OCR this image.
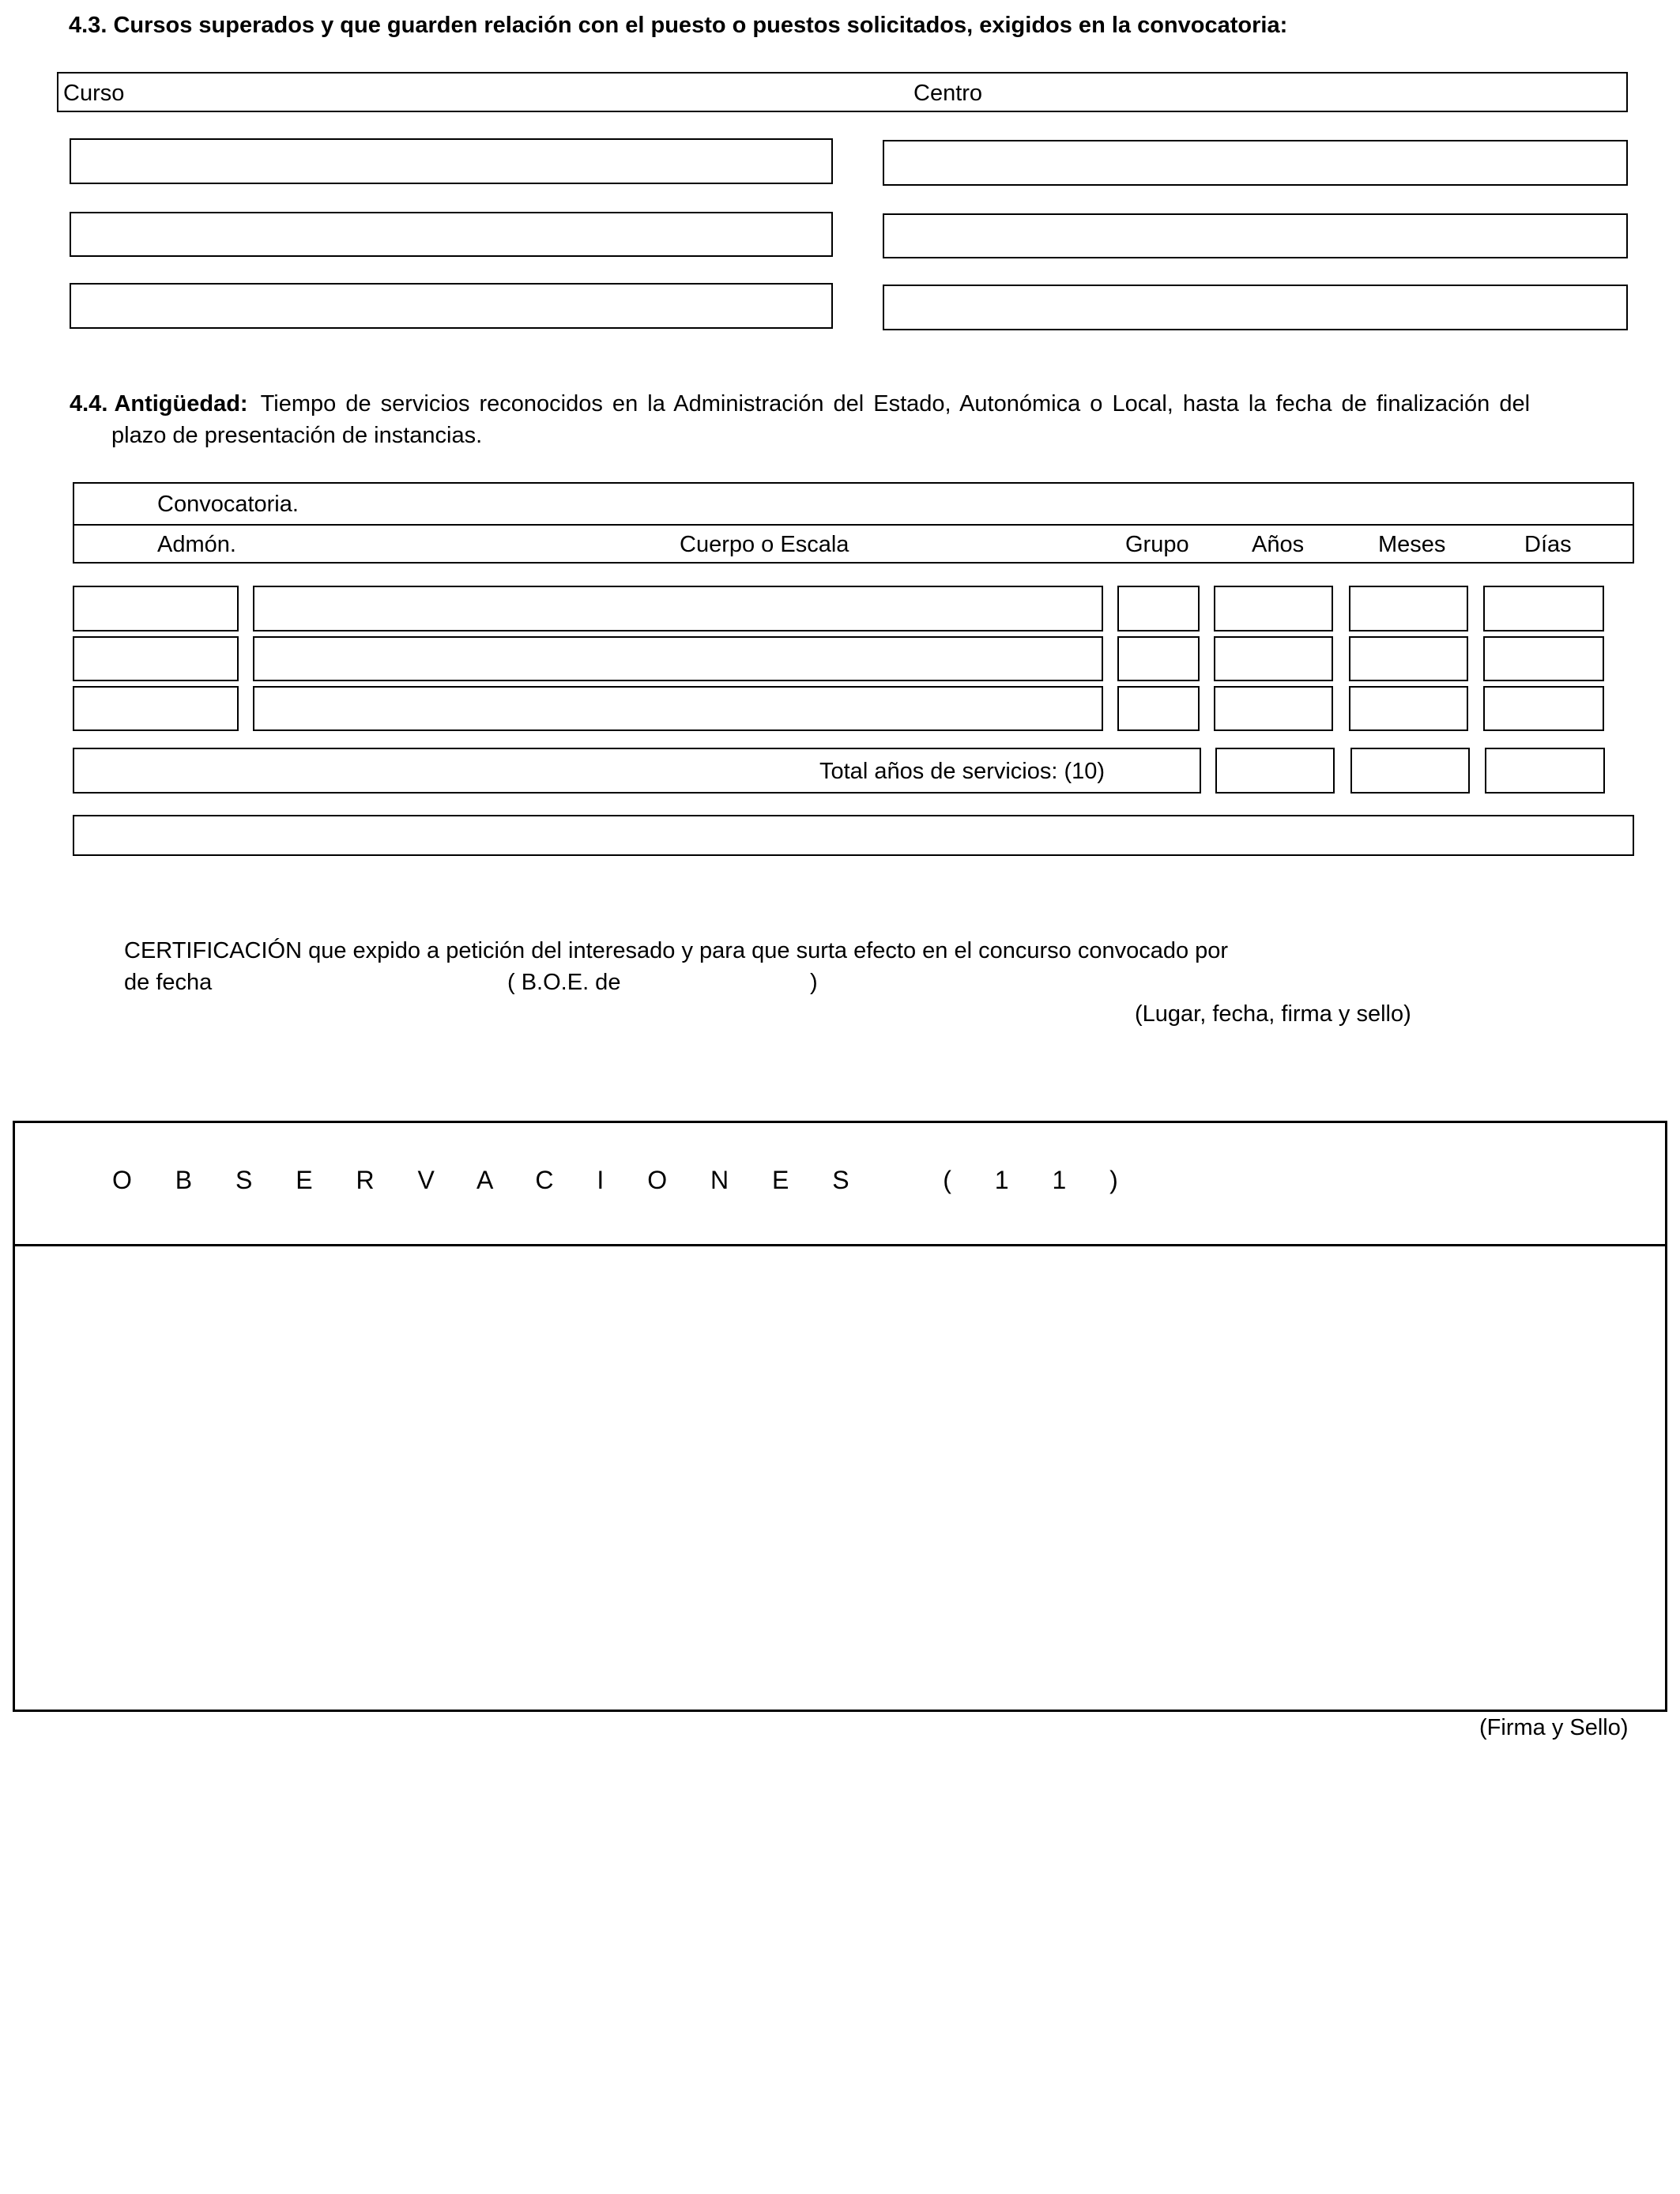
4.3. Cursos superados y que guarden relación con el puesto o puestos solicitados, exigidos en la convocatoria:
Curso	Centro
4.4. Antigüedad: Tiempo de servicios reconocidos en la Administración del Estado, Autonómica o Local, hasta la fecha de finalización del
plazo de presentación de instancias.
Convocatoria.
Admón.	Cuerpo o Escala	Grupo	Años	Meses	Días
Total años de servicios: (10)
CERTIFICACIÓN que expido a petición del interesado y para que surta efecto en el concurso convocado por
de fecha	( B.O.E. de	)
(Lugar, fecha, firma y sello)
O B S E R V A C I O N E S   ( 1 1 )
(Firma y Sello)
